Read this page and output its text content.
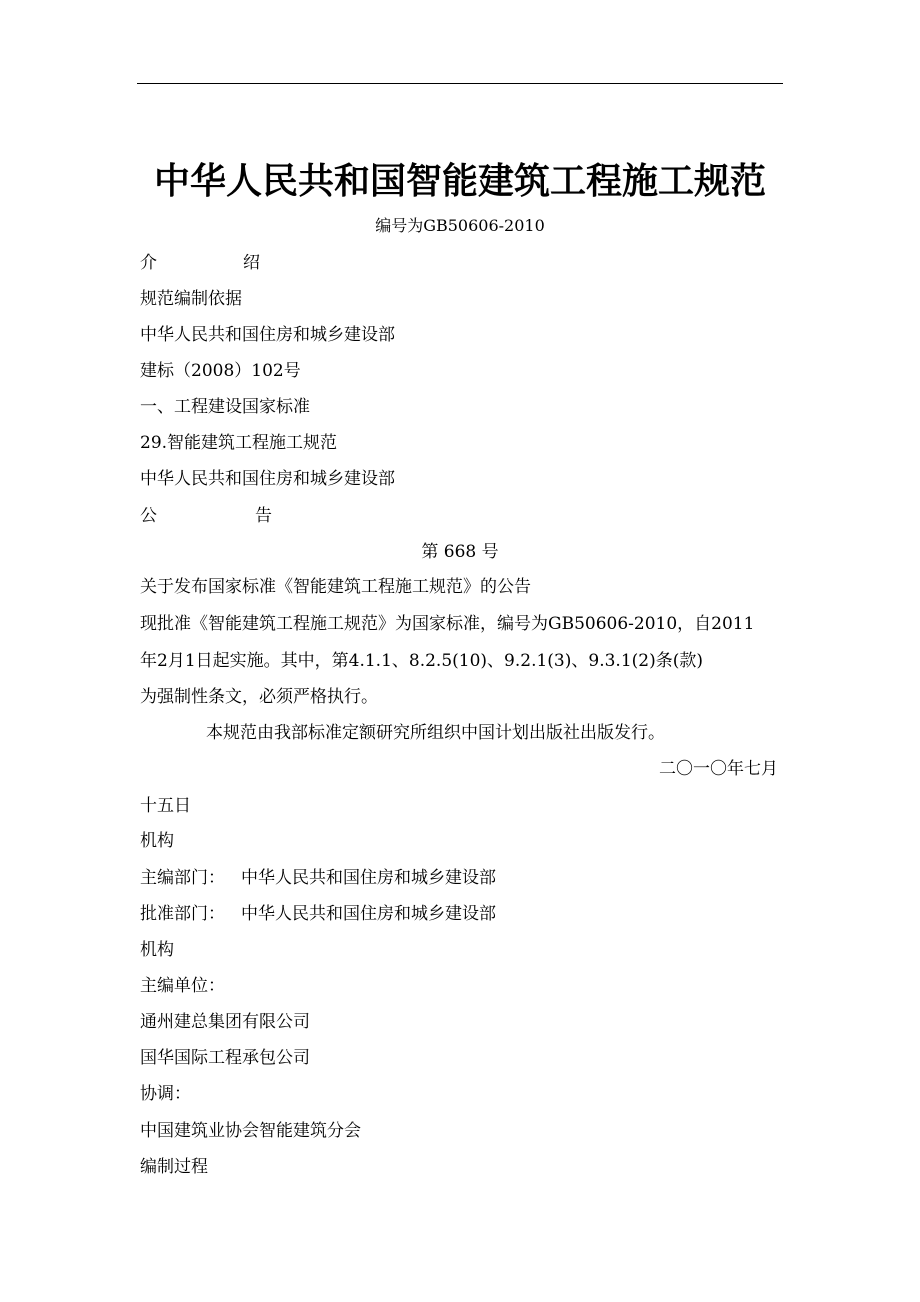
中华人民共和国智能建筑工程施工规范
编号为GB50606-2010
介	绍
规范编制依据
中华人民共和国住房和城乡建设部
建标（2008）102号
一、工程建设国家标准
29.智能建筑工程施工规范
中华人民共和国住房和城乡建设部
公	告
第 668 号
关于发布国家标准《智能建筑工程施工规范》的公告
现批准《智能建筑工程施工规范》为国家标准，编号为GB50606-2010，自2011
年2月1日起实施。其中，第4.1.1、8.2.5(10)、9.2.1(3)、9.3.1(2)条(款)
为强制性条文，必须严格执行。
本规范由我部标准定额研究所组织中国计划出版社出版发行。
二〇一〇年七月
十五日
机构
主编部门： 中华人民共和国住房和城乡建设部
批准部门： 中华人民共和国住房和城乡建设部
机构
主编单位：
通州建总集团有限公司
国华国际工程承包公司
协调：
中国建筑业协会智能建筑分会
编制过程
